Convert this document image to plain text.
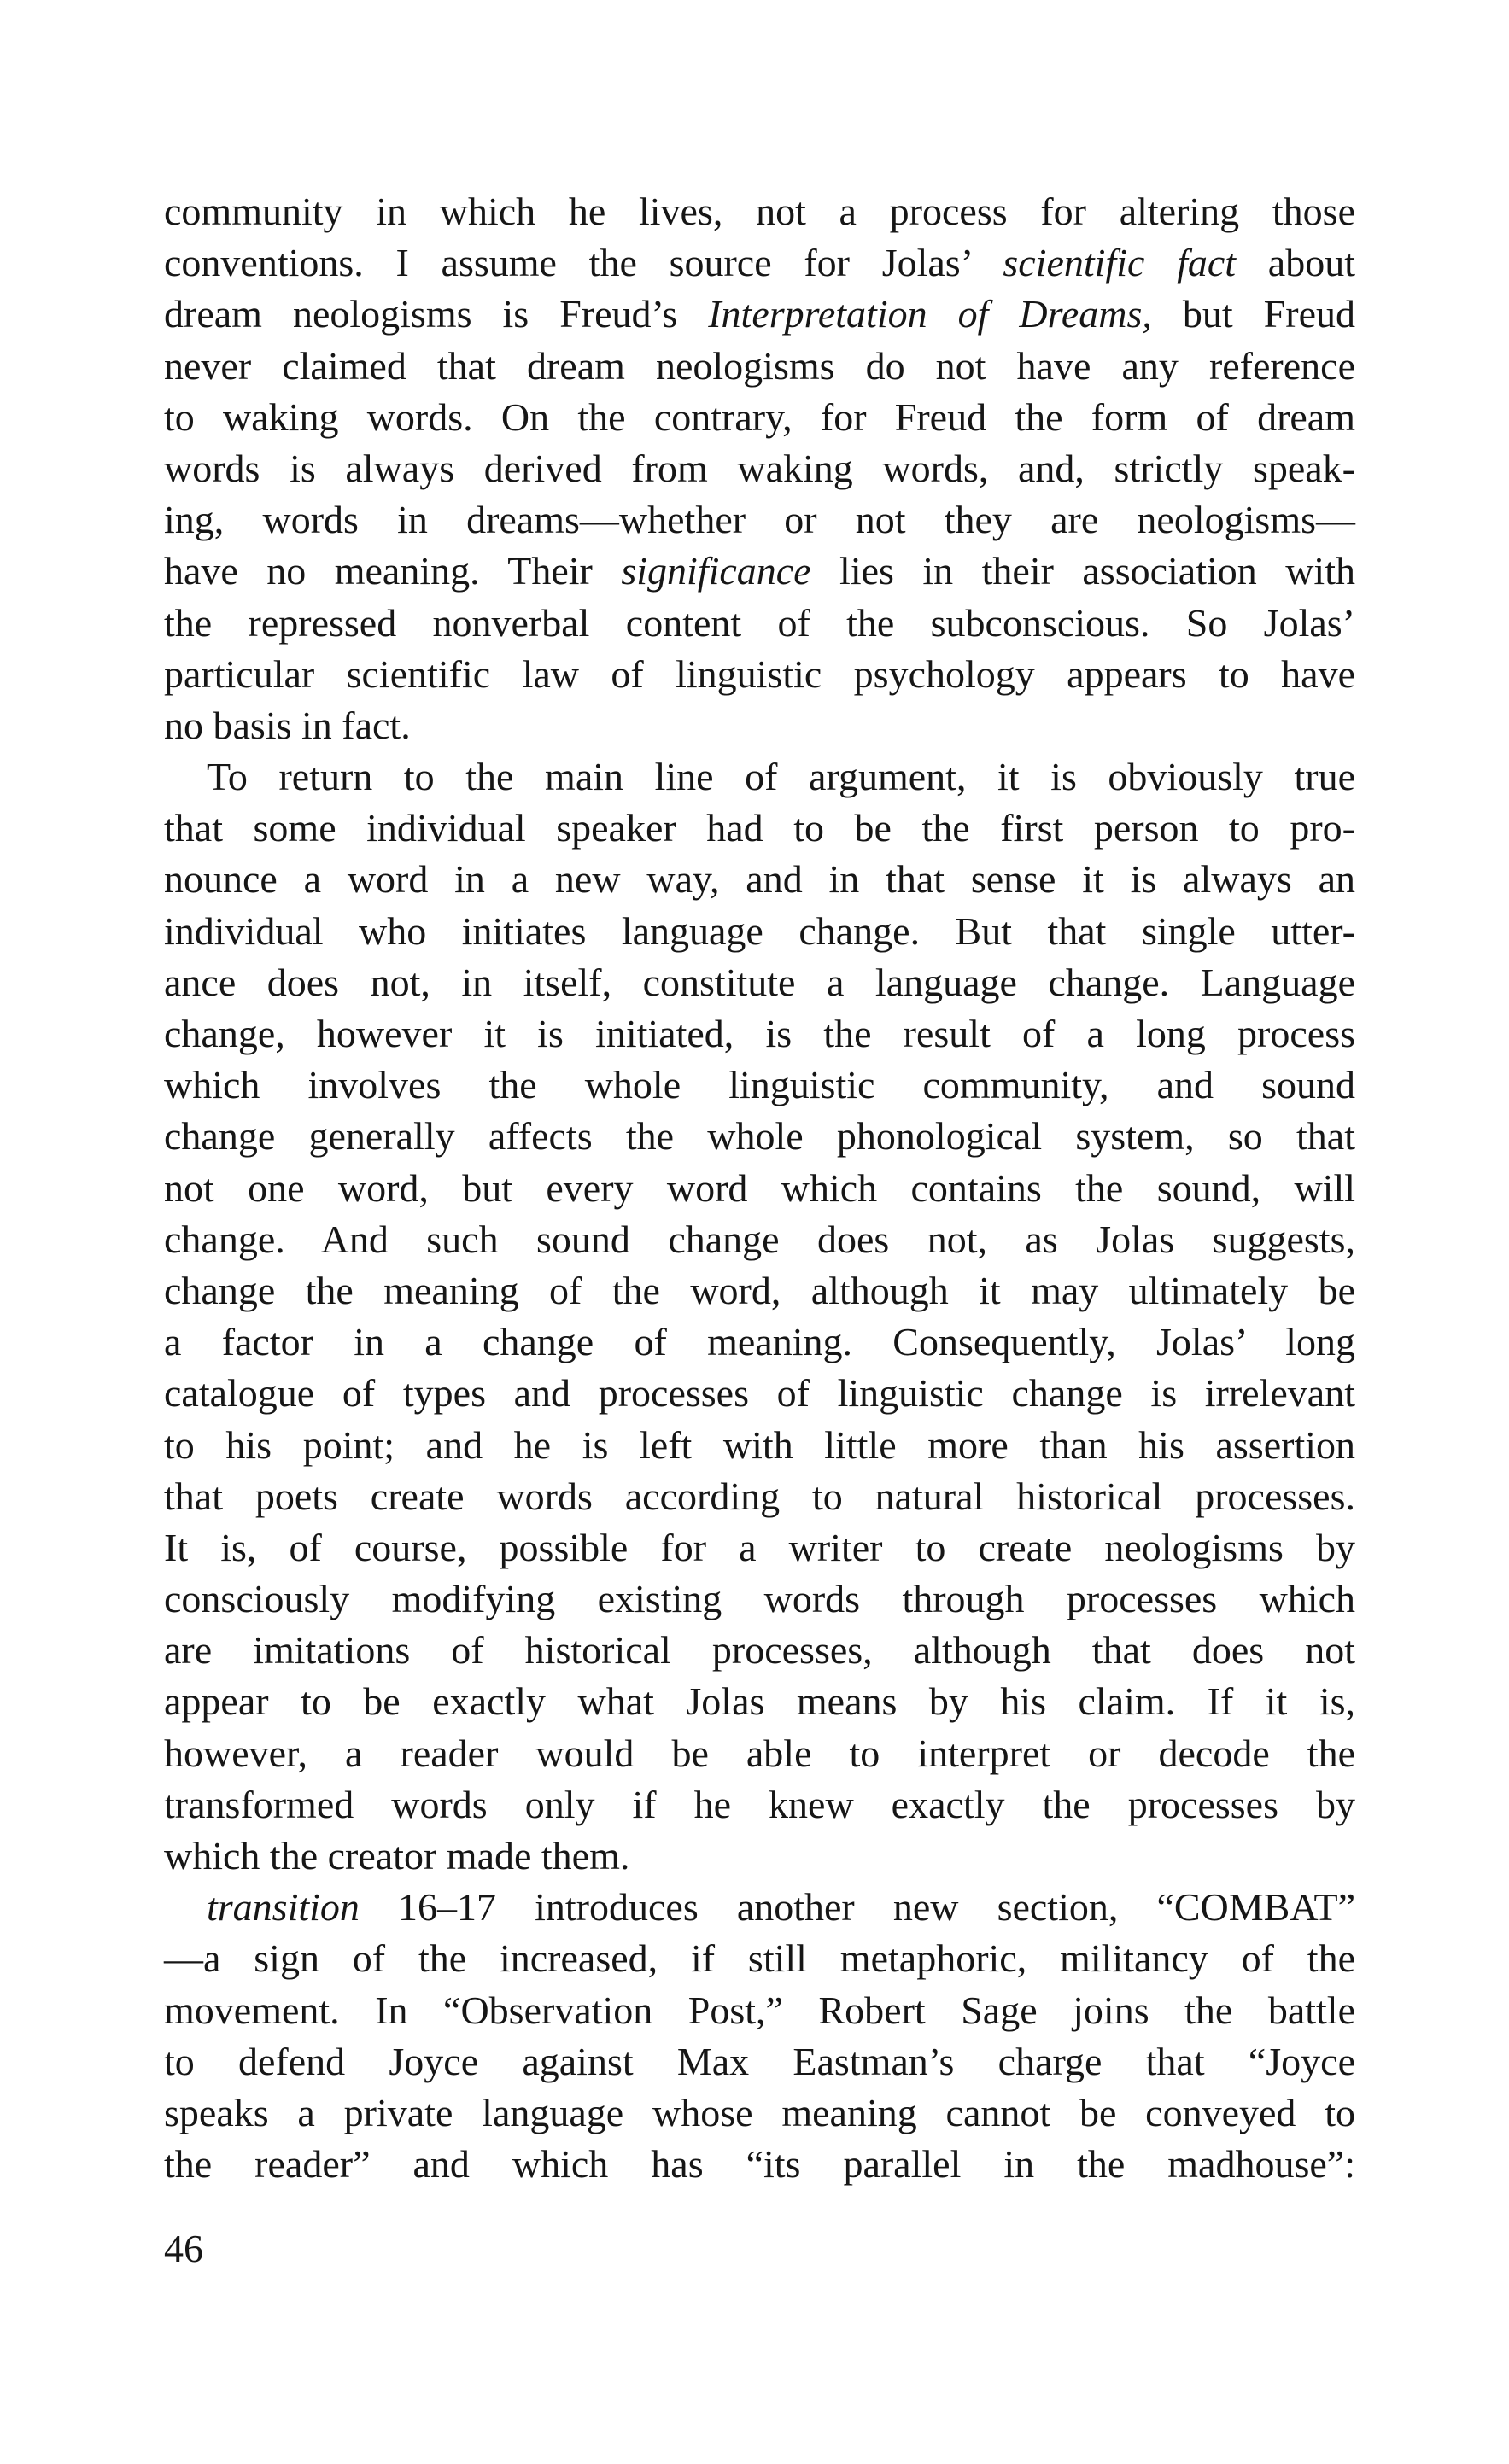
community in which he lives, not a process for altering those
conventions. I assume the source for Jolas’ scientific fact about
dream neologisms is Freud’s Interpretation of Dreams, but Freud
never claimed that dream neologisms do not have any reference
to waking words. On the contrary, for Freud the form of dream
words is always derived from waking words, and, strictly speak-
ing, words in dreams—whether or not they are neologisms—
have no meaning. Their significance lies in their association with
the repressed nonverbal content of the subconscious. So Jolas’
particular scientific law of linguistic psychology appears to have
no basis in fact.
To return to the main line of argument, it is obviously true
that some individual speaker had to be the first person to pro-
nounce a word in a new way, and in that sense it is always an
individual who initiates language change. But that single utter-
ance does not, in itself, constitute a language change. Language
change, however it is initiated, is the result of a long process
which involves the whole linguistic community, and sound
change generally affects the whole phonological system, so that
not one word, but every word which contains the sound, will
change. And such sound change does not, as Jolas suggests,
change the meaning of the word, although it may ultimately be
a factor in a change of meaning. Consequently, Jolas’ long
catalogue of types and processes of linguistic change is irrelevant
to his point; and he is left with little more than his assertion
that poets create words according to natural historical processes.
It is, of course, possible for a writer to create neologisms by
consciously modifying existing words through processes which
are imitations of historical processes, although that does not
appear to be exactly what Jolas means by his claim. If it is,
however, a reader would be able to interpret or decode the
transformed words only if he knew exactly the processes by
which the creator made them.
transition 16–17 introduces another new section, “COMBAT”
—a sign of the increased, if still metaphoric, militancy of the
movement. In “Observation Post,” Robert Sage joins the battle
to defend Joyce against Max Eastman’s charge that “Joyce
speaks a private language whose meaning cannot be conveyed to
the reader” and which has “its parallel in the madhouse”:
46
